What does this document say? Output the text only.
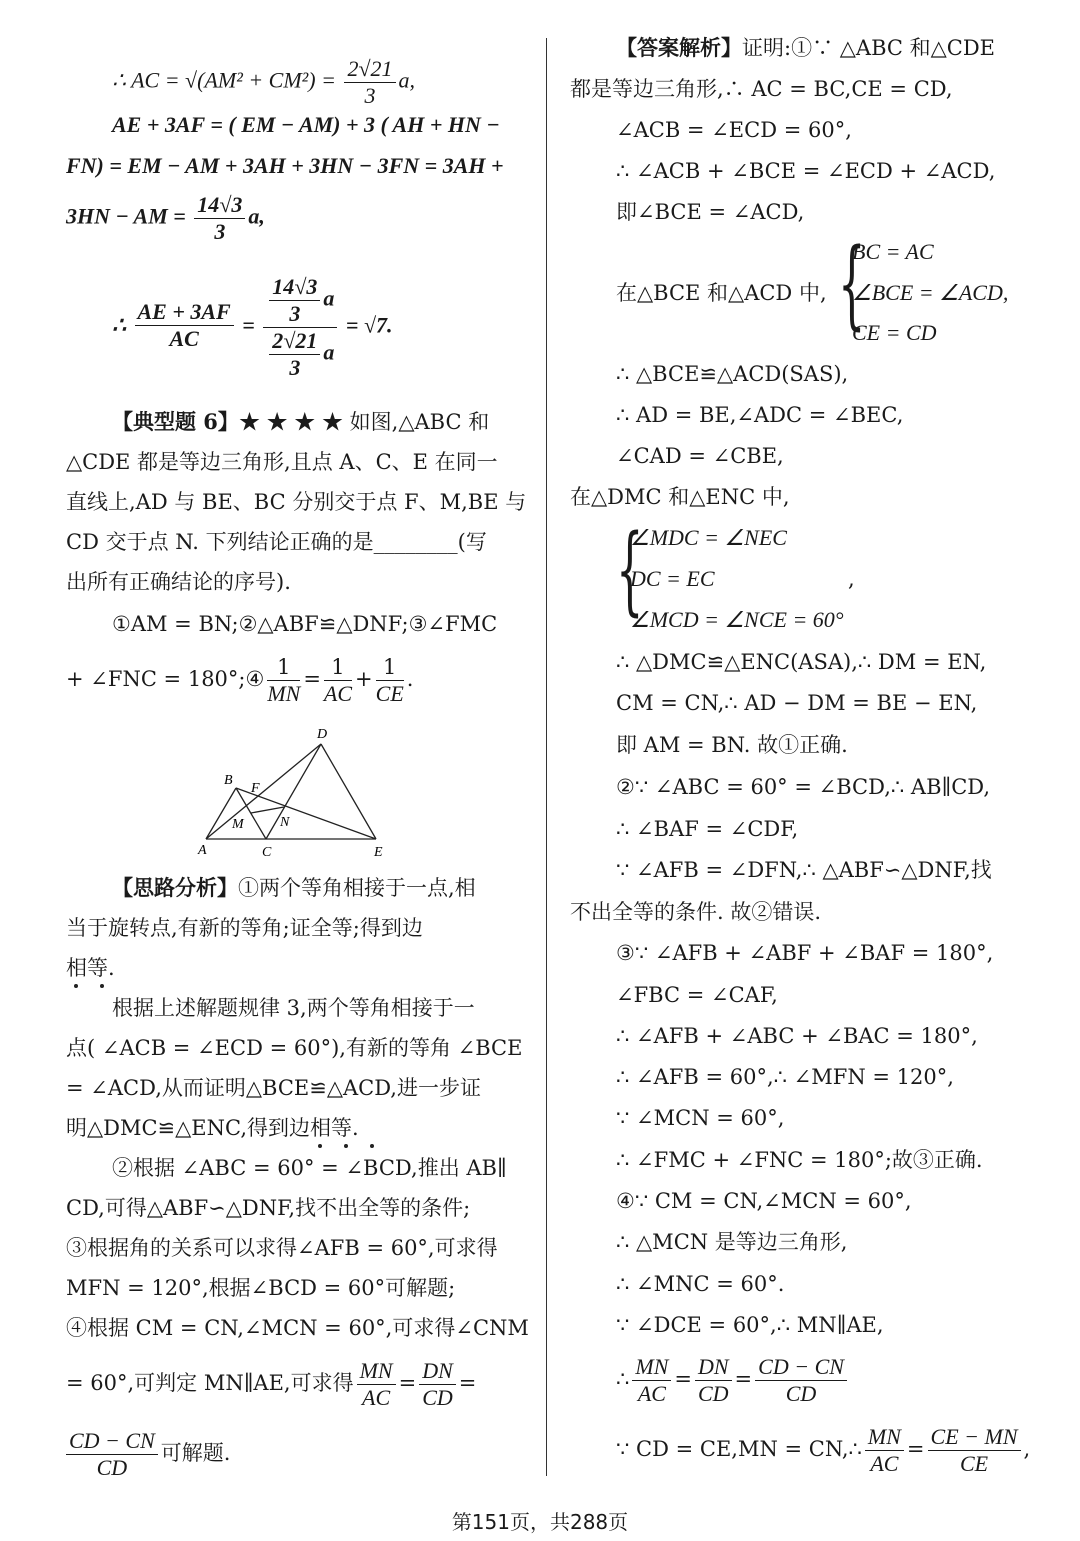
∴ AC = $√(AM^2 + CM^2) = \frac{2√21}{3} a$,
AE + 3AF = ( EM − AM) + 3 ( AH + HN −
FN) = EM − AM + 3AH + 3HN − 3FN = 3AH +
3HN − AM = $\frac{14√3}{3} a$,
∴ $\frac{AE + 3AF}{AC} = \frac{\frac{14√3}{3} a}{\frac{2√21}{3} a} = √7$.
【典型题 6】★ ★ ★ ★ 如图,△ABC 和
△CDE 都是等边三角形,且点 A、C、E 在同一
直线上,AD 与 BE、BC 分别交于点 F、M,BE 与
CD 交于点 N. 下列结论正确的是________(写
出所有正确结论的序号).
①AM = BN;②△ABF≌△DNF;③∠FMC
+ ∠FNC = 180°;④ $\frac{1}{MN} = \frac{1}{AC} + \frac{1}{CE}$ .
A
B
C
D
E
F
M	N
【思路分析】①两个等角相接于一点,相
当于旋转点,有新的等角;证全等;得到边
相等.
根据上述解题规律 3,两个等角相接于一
点( ∠ACB = ∠ECD = 60°),有新的等角 ∠BCE
= ∠ACD,从而证明△BCE≌△ACD,进一步证
明△DMC≌△ENC,得到边相等.
②根据 ∠ABC = 60° = ∠BCD,推出 AB∥
CD,可得△ABF∽△DNF,找不出全等的条件;
③根据角的关系可以求得∠AFB = 60°,可求得
MFN = 120°,根据∠BCD = 60°可解题;
④根据 CM = CN,∠MCN = 60°,可求得∠CNM
= 60°,可判定 MN∥AE,可求得 $\frac{MN}{AC} = \frac{DN}{CD}$ =
$\frac{CD - CN}{CD}$ 可解题.
【答案解析】证明:①∵ △ABC 和△CDE
都是等边三角形,∴ AC = BC,CE = CD,
∠ACB = ∠ECD = 60°,
∴ ∠ACB + ∠BCE = ∠ECD + ∠ACD,
即∠BCE = ∠ACD,
在△BCE 和△ACD 中, {
BC = AC
∠BCE = ∠ACD,
CE = CD
∴ △BCE≌△ACD(SAS),
∴ AD = BE,∠ADC = ∠BEC,
∠CAD = ∠CBE,
在△DMC 和△ENC 中,
{
∠MDC = ∠NEC
DC = EC
∠MCD = ∠NCE = 60°
,
∴ △DMC≌△ENC(ASA),∴ DM = EN,
CM = CN,∴ AD − DM = BE − EN,
即 AM = BN. 故①正确.
②∵ ∠ABC = 60° = ∠BCD,∴ AB∥CD,
∴ ∠BAF = ∠CDF,
∵ ∠AFB = ∠DFN,∴ △ABF∽△DNF,找
不出全等的条件. 故②错误.
③∵ ∠AFB + ∠ABF + ∠BAF = 180°,
∠FBC = ∠CAF,
∴ ∠AFB + ∠ABC + ∠BAC = 180°,
∴ ∠AFB = 60°,∴ ∠MFN = 120°,
∵ ∠MCN = 60°,
∴ ∠FMC + ∠FNC = 180°;故③正确.
④∵ CM = CN,∠MCN = 60°,
∴ △MCN 是等边三角形,
∴ ∠MNC = 60°.
∵ ∠DCE = 60°,∴ MN∥AE,
∴ $\frac{MN}{AC} = \frac{DN}{CD} = \frac{CD - CN}{CD}$
∵ CD = CE,MN = CN,∴ $\frac{MN}{AC} = \frac{CE - MN}{CE}$ ,
第151页，共288页
